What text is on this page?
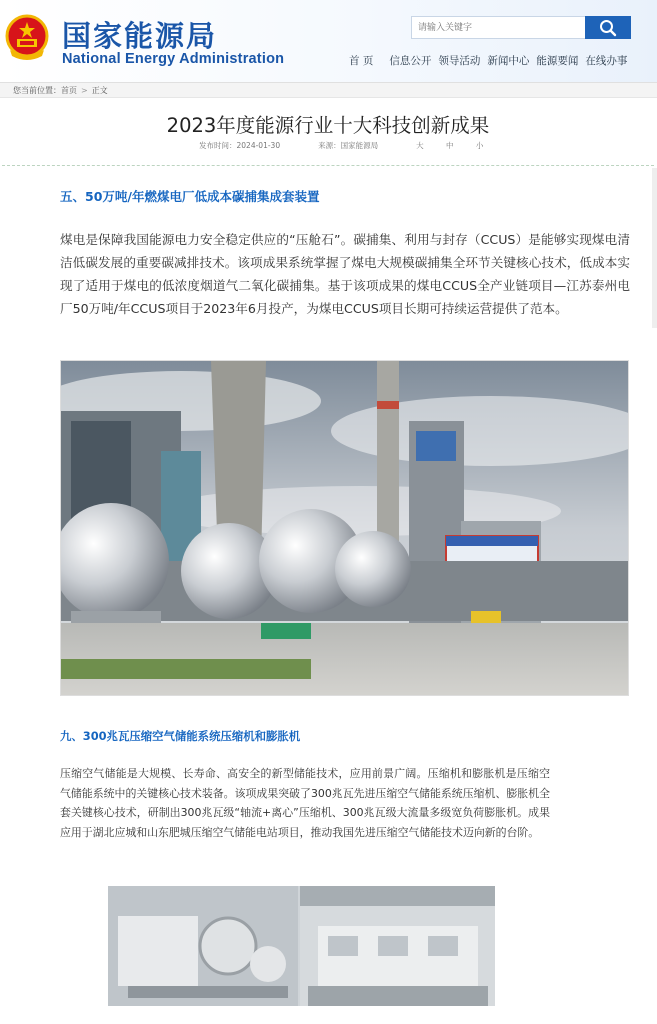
国家能源局
National Energy Administration
请输入关键字	首 页 信息公开 领导活动 新闻中心 能源要闻 在线办事
您当前位置：首页 > 正文
2023年度能源行业十大科技创新成果
发布时间：2024-01-30	来源：国家能源局	大 中 小
五、50万吨/年燃煤电厂低成本碳捕集成套装置
煤电是保障我国能源电力安全稳定供应的“压舱石”。碳捕集、利用与封存（CCUS）是能够实现煤电清洁低碳发展的重要碳减排技术。该项成果系统掌握了煤电大规模碳捕集全环节关键核心技术，低成本实现了适用于煤电的低浓度烟道气二氧化碳捕集。基于该项成果的煤电CCUS全产业链项目—江苏泰州电厂50万吨/年CCUS项目于2023年6月投产，为煤电CCUS项目长期可持续运营提供了范本。
九、300兆瓦压缩空气储能系统压缩机和膨胀机
压缩空气储能是大规模、长寿命、高安全的新型储能技术，应用前景广阔。压缩机和膨胀机是压缩空气储能系统中的关键核心技术装备。该项成果突破了300兆瓦先进压缩空气储能系统压缩机、膨胀机全套关键核心技术，研制出300兆瓦级“轴流+离心”压缩机、300兆瓦级大流量多级宽负荷膨胀机。成果应用于湖北应城和山东肥城压缩空气储能电站项目，推动我国先进压缩空气储能技术迈向新的台阶。
